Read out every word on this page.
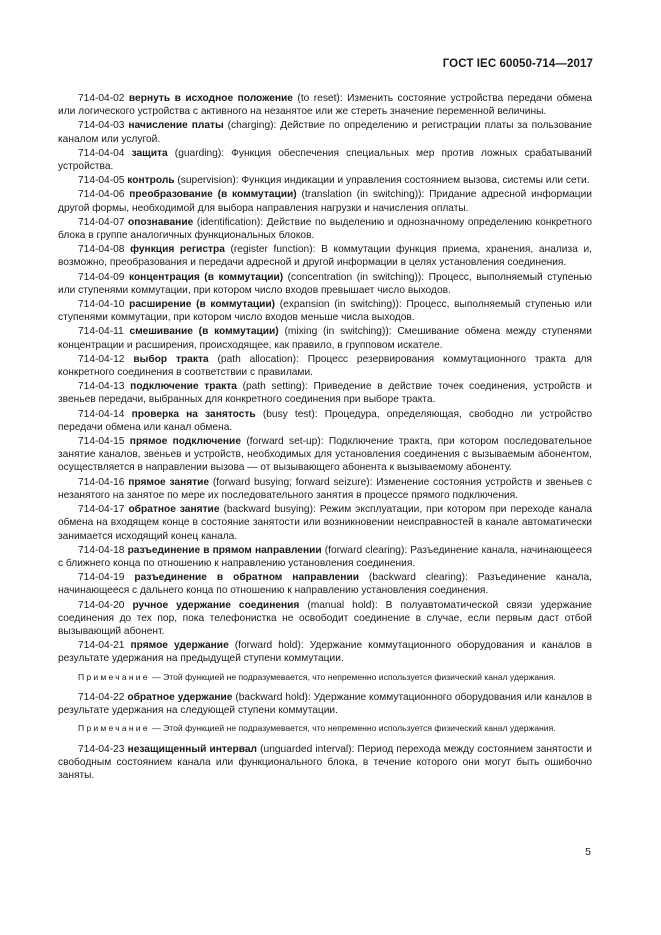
ГОСТ IEC 60050-714—2017

714-04-02 вернуть в исходное положение (to reset): Изменить состояние устройства передачи обмена или логического устройства с активного на незанятое или же стереть значение переменной величины.

714-04-03 начисление платы (charging): Действие по определению и регистрации платы за пользование каналом или услугой.

714-04-04 защита (guarding): Функция обеспечения специальных мер против ложных срабатываний устройства.

714-04-05 контроль (supervision): Функция индикации и управления состоянием вызова, системы или сети.

714-04-06 преобразование (в коммутации) (translation (in switching)): Придание адресной информации другой формы, необходимой для выбора направления нагрузки и начисления оплаты.

714-04-07 опознавание (identification): Действие по выделению и однозначному определению конкретного блока в группе аналогичных функциональных блоков.

714-04-08 функция регистра (register function): В коммутации функция приема, хранения, анализа и, возможно, преобразования и передачи адресной и другой информации в целях установления соединения.

714-04-09 концентрация (в коммутации) (concentration (in switching)): Процесс, выполняемый ступенью или ступенями коммутации, при котором число входов превышает число выходов.

714-04-10 расширение (в коммутации) (expansion (in switching)): Процесс, выполняемый ступенью или ступенями коммутации, при котором число входов меньше числа выходов.

714-04-11 смешивание (в коммутации) (mixing (in switching)): Смешивание обмена между ступенями концентрации и расширения, происходящее, как правило, в групповом искателе.

714-04-12 выбор тракта (path allocation): Процесс резервирования коммутационного тракта для конкретного соединения в соответствии с правилами.

714-04-13 подключение тракта (path setting): Приведение в действие точек соединения, устройств и звеньев передачи, выбранных для конкретного соединения при выборе тракта.

714-04-14 проверка на занятость (busy test): Процедура, определяющая, свободно ли устройство передачи обмена или канал обмена.

714-04-15 прямое подключение (forward set-up): Подключение тракта, при котором последовательное занятие каналов, звеньев и устройств, необходимых для установления соединения с вызываемым абонентом, осуществляется в направлении вызова — от вызывающего абонента к вызываемому абоненту.

714-04-16 прямое занятие (forward busying; forward seizure): Изменение состояния устройств и звеньев с незанятого на занятое по мере их последовательного занятия в процессе прямого подключения.

714-04-17 обратное занятие (backward busying): Режим эксплуатации, при котором при переходе канала обмена на входящем конце в состояние занятости или возникновении неисправностей в канале автоматически занимается исходящий конец канала.

714-04-18 разъединение в прямом направлении (forward clearing): Разъединение канала, начинающееся с ближнего конца по отношению к направлению установления соединения.

714-04-19 разъединение в обратном направлении (backward clearing): Разъединение канала, начинающееся с дальнего конца по отношению к направлению установления соединения.

714-04-20 ручное удержание соединения (manual hold): В полуавтоматической связи удержание соединения до тех пор, пока телефонистка не освободит соединение в случае, если первым даст отбой вызывающий абонент.

714-04-21 прямое удержание (forward hold): Удержание коммутационного оборудования и каналов в результате удержания на предыдущей ступени коммутации.

Примечание — Этой функцией не подразумевается, что непременно используется физический канал удержания.

714-04-22 обратное удержание (backward hold): Удержание коммутационного оборудования или каналов в результате удержания на следующей ступени коммутации.

Примечание — Этой функцией не подразумевается, что непременно используется физический канал удержания.

714-04-23 незащищенный интервал (unguarded interval): Период перехода между состоянием занятости и свободным состоянием канала или функционального блока, в течение которого они могут быть ошибочно заняты.

5
